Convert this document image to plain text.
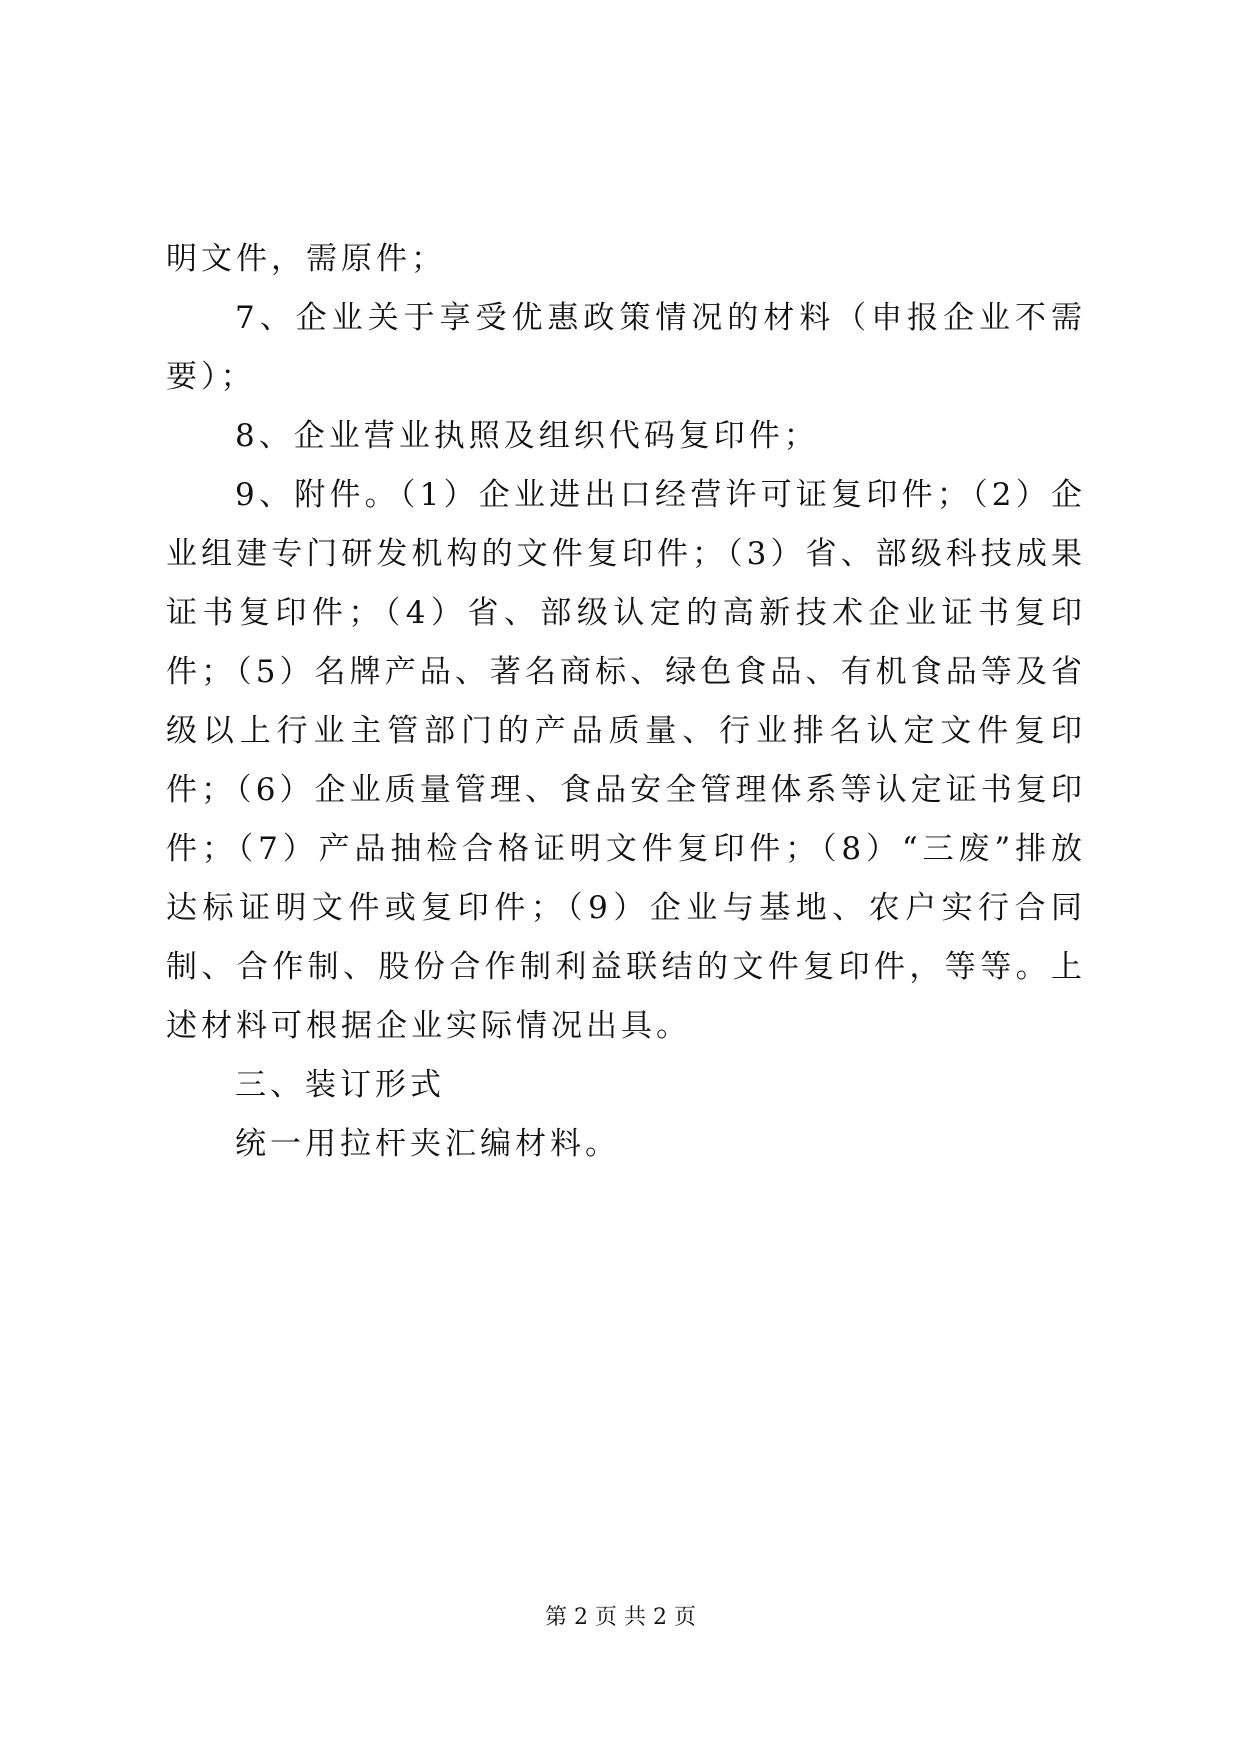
明文件，需原件；

7、企业关于享受优惠政策情况的材料（申报企业不需要）；

8、企业营业执照及组织代码复印件；

9、附件。（1）企业进出口经营许可证复印件；（2）企业组建专门研发机构的文件复印件；（3）省、部级科技成果证书复印件；（4）省、部级认定的高新技术企业证书复印件；（5）名牌产品、著名商标、绿色食品、有机食品等及省级以上行业主管部门的产品质量、行业排名认定文件复印件；（6）企业质量管理、食品安全管理体系等认定证书复印件；（7）产品抽检合格证明文件复印件；（8）“三废”排放达标证明文件或复印件；（9）企业与基地、农户实行合同制、合作制、股份合作制利益联结的文件复印件，等等。上述材料可根据企业实际情况出具。

三、装订形式

统一用拉杆夹汇编材料。

第 2 页 共 2 页
